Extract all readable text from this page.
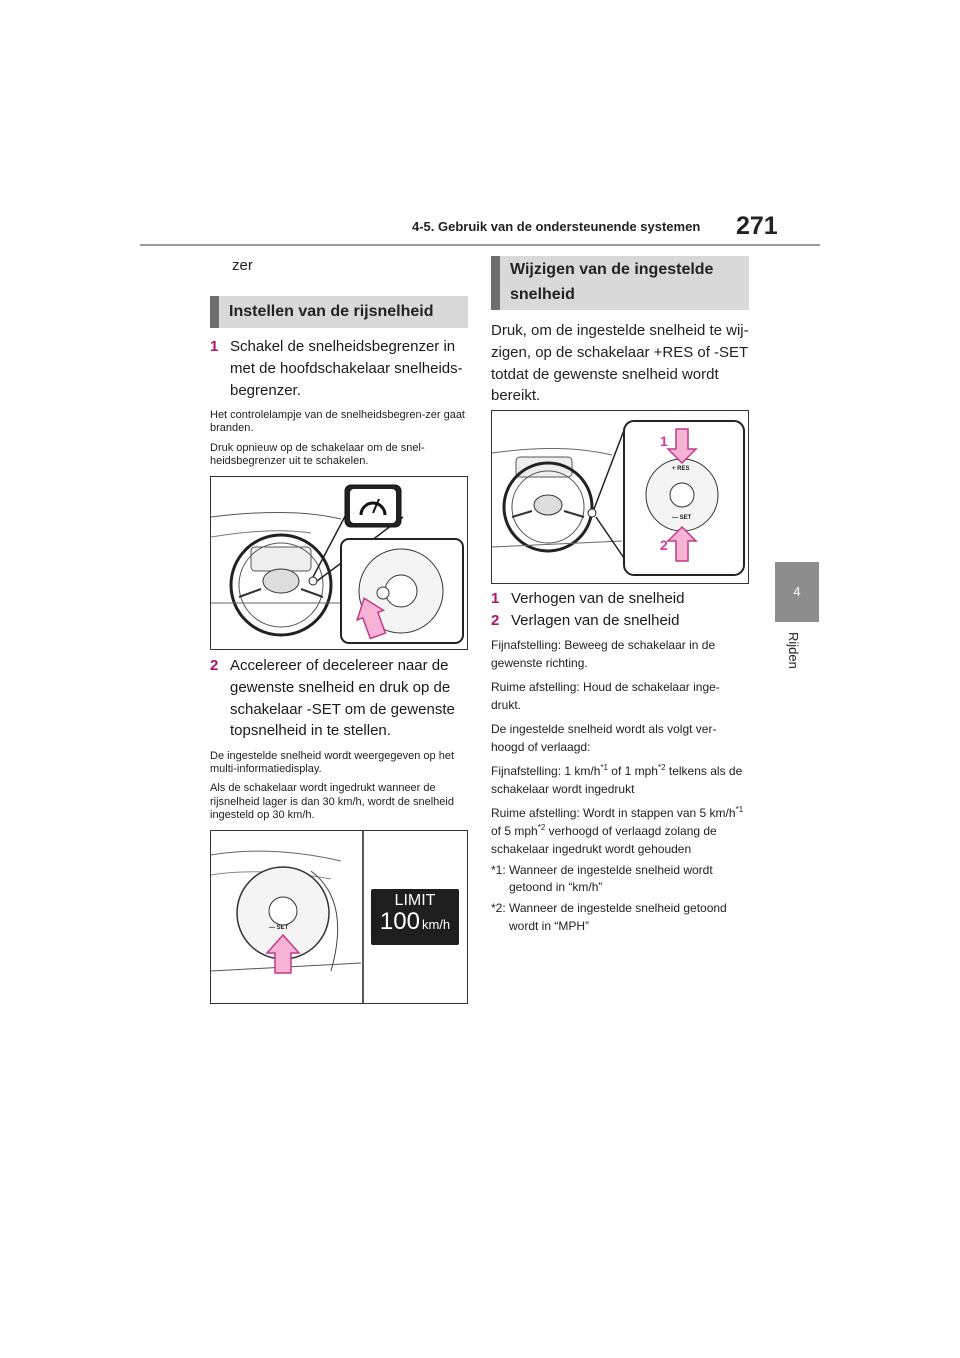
4-5. Gebruik van de ondersteunende systemen 271
4
Rijden
zer
Instellen van de rijsnelheid
1 Schakel de snelheidsbegrenzer in met de hoofdschakelaar snelheids-begrenzer.
Het controlelampje van de snelheidsbegren-zer gaat branden.
Druk opnieuw op de schakelaar om de snel-heidsbegrenzer uit te schakelen.
2 Accelereer of decelereer naar de gewenste snelheid en druk op de schakelaar -SET om de gewenste topsnelheid in te stellen.
De ingestelde snelheid wordt weergegeven op het multi-informatiedisplay.
Als de schakelaar wordt ingedrukt wanneer de rijsnelheid lager is dan 30 km/h, wordt de snelheid ingesteld op 30 km/h.
— SET
LIMIT
100 km/h
Wijzigen van de ingestelde snelheid
Druk, om de ingestelde snelheid te wij-zigen, op de schakelaar +RES of -SET totdat de gewenste snelheid wordt bereikt.
+ RES
— SET
1
2
1 Verhogen van de snelheid
2 Verlagen van de snelheid
Fijnafstelling: Beweeg de schakelaar in de gewenste richting.
Ruime afstelling: Houd de schakelaar inge-drukt.
De ingestelde snelheid wordt als volgt ver-hoogd of verlaagd:
Fijnafstelling: 1 $km/h^{*1}$ of 1 mph$^{*2}$ telkens als de schakelaar wordt ingedrukt
Ruime afstelling: Wordt in stappen van 5 $km/h^{*1}$ of 5 mph$^{*2}$ verhoogd of verlaagd zolang de schakelaar ingedrukt wordt gehouden
*1: Wanneer de ingestelde snelheid wordt getoond in “km/h”
*2: Wanneer de ingestelde snelheid getoond wordt in “MPH”
